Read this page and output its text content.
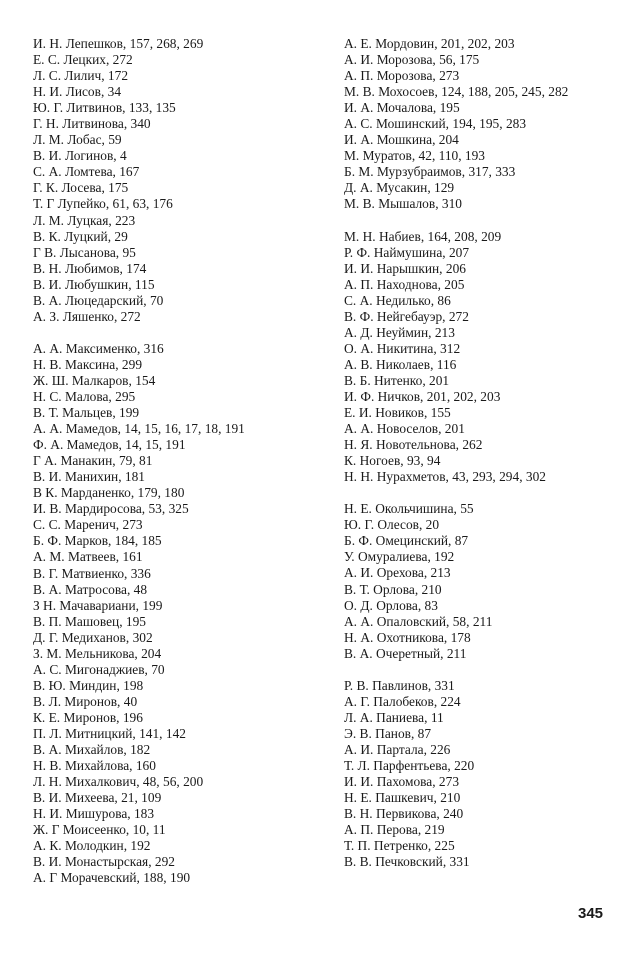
И. Н. Лепешков, 157, 268, 269
Е. С. Лецких, 272
Л. С. Лилич, 172
Н. И. Лисов, 34
Ю. Г. Литвинов, 133, 135
Г. Н. Литвинова, 340
Л. М. Лобас, 59
В. И. Логинов, 4
С. А. Ломтева, 167
Г. К. Лосева, 175
Т. Г Лупейко, 61, 63, 176
Л. М. Луцкая, 223
В. К. Луцкий, 29
Г В. Лысанова, 95
В. Н. Любимов, 174
В. И. Любушкин, 115
В. А. Люцедарский, 70
А. З. Ляшенко, 272
А. А. Максименко, 316
Н. В. Максина, 299
Ж. Ш. Малкаров, 154
Н. С. Малова, 295
В. Т. Мальцев, 199
А. А. Мамедов, 14, 15, 16, 17, 18, 191
Ф. А. Мамедов, 14, 15, 191
Г А. Манакин, 79, 81
В. И. Манихин, 181
В К. Марданенко, 179, 180
И. В. Мардиросова, 53, 325
С. С. Маренич, 273
Б. Ф. Марков, 184, 185
А. М. Матвеев, 161
В. Г. Матвиенко, 336
В. А. Матросова, 48
З Н. Мачавариани, 199
В. П. Машовец, 195
Д. Г. Медиханов, 302
З. М. Мельникова, 204
А. С. Мигонаджиев, 70
В. Ю. Миндин, 198
В. Л. Миронов, 40
К. Е. Миронов, 196
П. Л. Митницкий, 141, 142
В. А. Михайлов, 182
Н. В. Михайлова, 160
Л. Н. Михалкович, 48, 56, 200
В. И. Михеева, 21, 109
Н. И. Мишурова, 183
Ж. Г Моисеенко, 10, 11
А. К. Молодкин, 192
В. И. Монастырская, 292
А. Г Морачевский, 188, 190
А. Е. Мордовин, 201, 202, 203
А. И. Морозова, 56, 175
А. П. Морозова, 273
М. В. Мохосоев, 124, 188, 205, 245, 282
И. А. Мочалова, 195
А. С. Мошинский, 194, 195, 283
И. А. Мошкина, 204
М. Муратов, 42, 110, 193
Б. М. Мурзубраимов, 317, 333
Д. А. Мусакин, 129
М. В. Мышалов, 310
М. Н. Набиев, 164, 208, 209
Р. Ф. Наймушина, 207
И. И. Нарышкин, 206
А. П. Находнова, 205
С. А. Недилько, 86
В. Ф. Нейгебауэр, 272
А. Д. Неуймин, 213
О. А. Никитина, 312
А. В. Николаев, 116
В. Б. Нитенко, 201
И. Ф. Ничков, 201, 202, 203
Е. И. Новиков, 155
А. А. Новоселов, 201
Н. Я. Новотельнова, 262
К. Ногоев, 93, 94
Н. Н. Нурахметов, 43, 293, 294, 302
Н. Е. Окольчишина, 55
Ю. Г. Олесов, 20
Б. Ф. Омецинский, 87
У. Омуралиева, 192
А. И. Орехова, 213
В. Т. Орлова, 210
О. Д. Орлова, 83
А. А. Опаловский, 58, 211
Н. А. Охотникова, 178
В. А. Очеретный, 211
Р. В. Павлинов, 331
А. Г. Палобеков, 224
Л. А. Паниева, 11
Э. В. Панов, 87
А. И. Партала, 226
Т. Л. Парфентьева, 220
И. И. Пахомова, 273
Н. Е. Пашкевич, 210
В. Н. Первикова, 240
А. П. Перова, 219
Т. П. Петренко, 225
В. В. Печковский, 331
345
